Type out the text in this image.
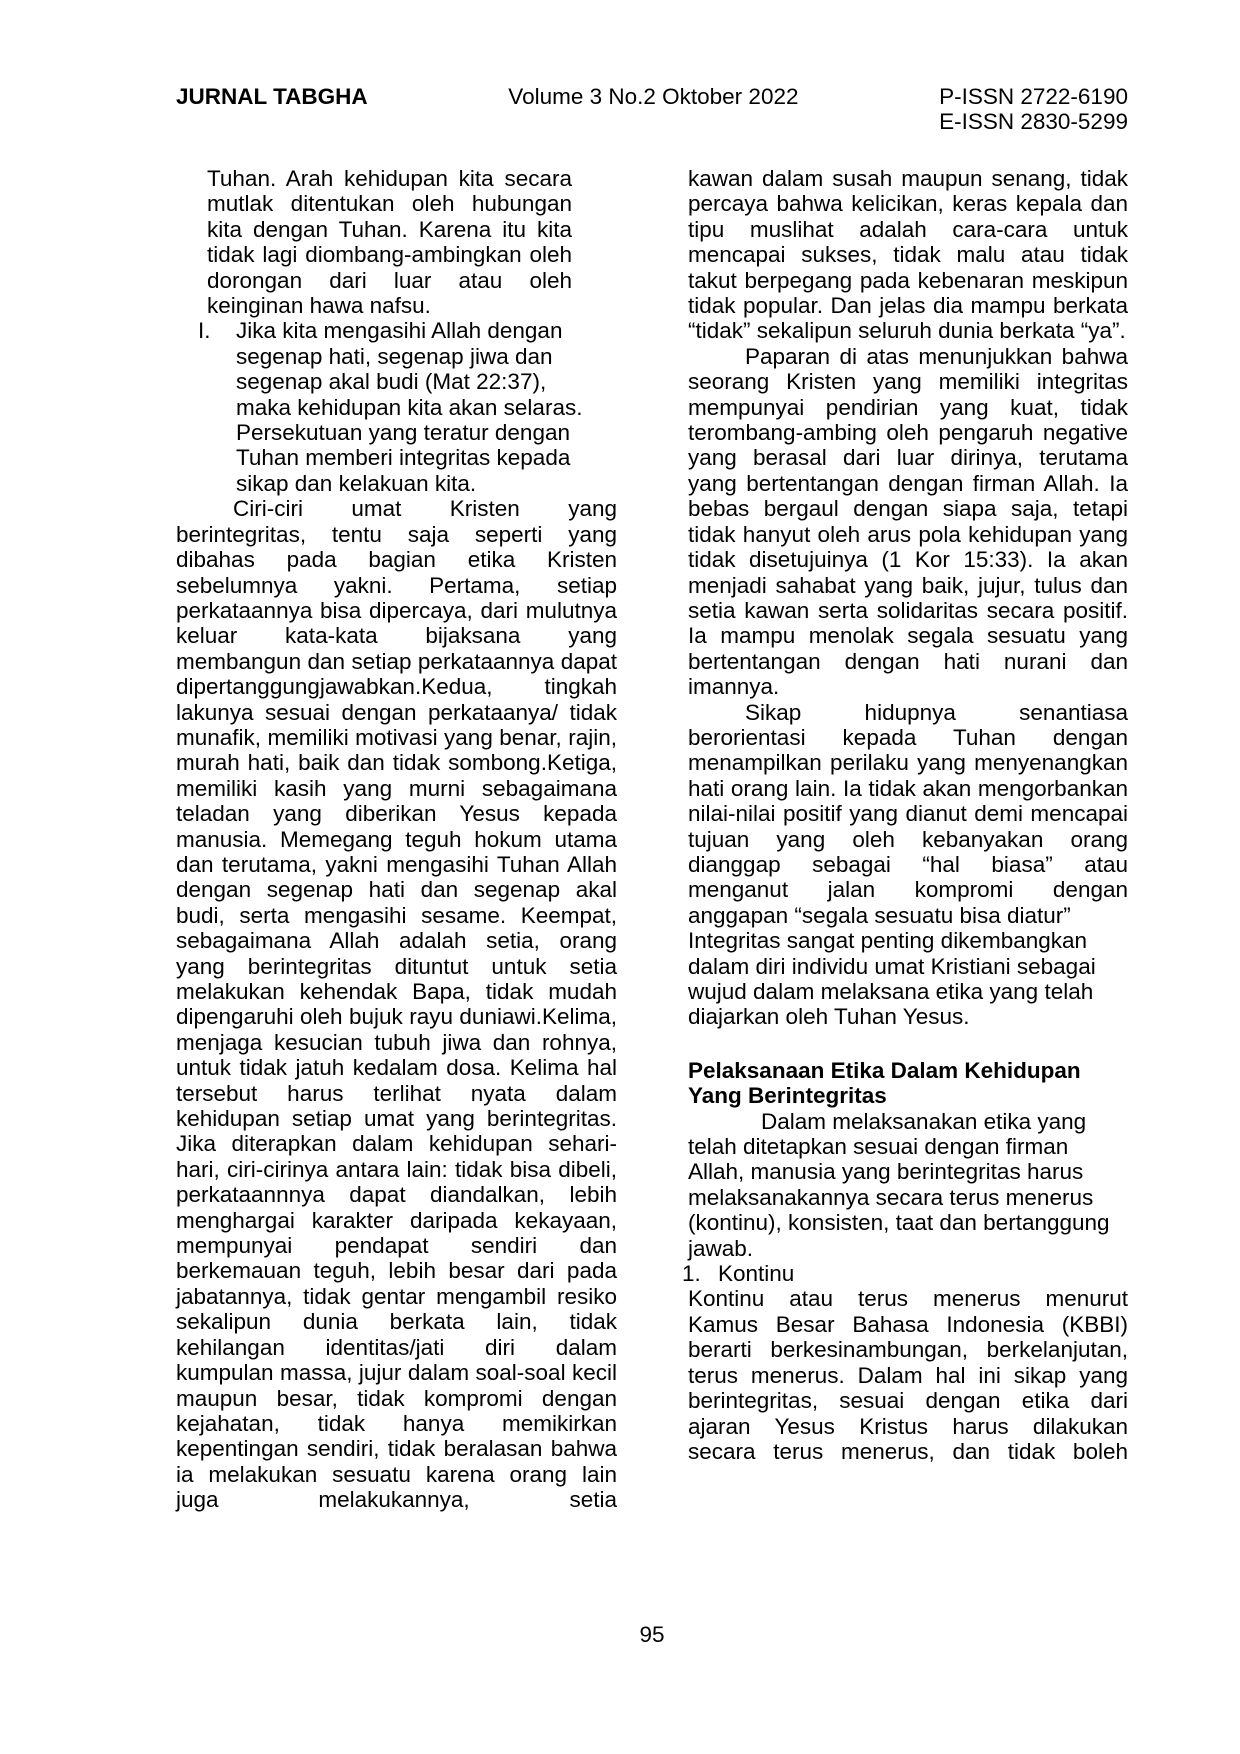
JURNAL TABGHA	Volume 3 No.2 Oktober 2022	P-ISSN 2722-6190
E-ISSN 2830-5299

Tuhan. Arah kehidupan kita secara mutlak ditentukan oleh hubungan kita dengan Tuhan. Karena itu kita tidak lagi diombang-ambingkan oleh dorongan dari luar atau oleh keinginan hawa nafsu.

I.	Jika kita mengasihi Allah dengan segenap hati, segenap jiwa dan segenap akal budi (Mat 22:37), maka kehidupan kita akan selaras. Persekutuan yang teratur dengan Tuhan memberi integritas kepada sikap dan kelakuan kita.

Ciri-ciri umat Kristen yang berintegritas, tentu saja seperti yang dibahas pada bagian etika Kristen sebelumnya yakni. Pertama, setiap perkataannya bisa dipercaya, dari mulutnya keluar kata-kata bijaksana yang membangun dan setiap perkataannya dapat dipertanggungjawabkan.Kedua, tingkah lakunya sesuai dengan perkataanya/ tidak munafik, memiliki motivasi yang benar, rajin, murah hati, baik dan tidak sombong.Ketiga, memiliki kasih yang murni sebagaimana teladan yang diberikan Yesus kepada manusia. Memegang teguh hokum utama dan terutama, yakni mengasihi Tuhan Allah dengan segenap hati dan segenap akal budi, serta mengasihi sesame. Keempat, sebagaimana Allah adalah setia, orang yang berintegritas dituntut untuk setia melakukan kehendak Bapa, tidak mudah dipengaruhi oleh bujuk rayu duniawi.Kelima, menjaga kesucian tubuh jiwa dan rohnya, untuk tidak jatuh kedalam dosa. Kelima hal tersebut harus terlihat nyata dalam kehidupan setiap umat yang berintegritas. Jika diterapkan dalam kehidupan sehari-hari, ciri-cirinya antara lain: tidak bisa dibeli, perkataannnya dapat diandalkan, lebih menghargai karakter daripada kekayaan, mempunyai pendapat sendiri dan berkemauan teguh, lebih besar dari pada jabatannya, tidak gentar mengambil resiko sekalipun dunia berkata lain, tidak kehilangan identitas/jati diri dalam kumpulan massa, jujur dalam soal-soal kecil maupun besar, tidak kompromi dengan kejahatan, tidak hanya memikirkan kepentingan sendiri, tidak beralasan bahwa ia melakukan sesuatu karena orang lain juga melakukannya, setia

kawan dalam susah maupun senang, tidak percaya bahwa kelicikan, keras kepala dan tipu muslihat adalah cara-cara untuk mencapai sukses, tidak malu atau tidak takut berpegang pada kebenaran meskipun tidak popular. Dan jelas dia mampu berkata “tidak” sekalipun seluruh dunia berkata “ya”.

Paparan di atas menunjukkan bahwa seorang Kristen yang memiliki integritas mempunyai pendirian yang kuat, tidak terombang-ambing oleh pengaruh negative yang berasal dari luar dirinya, terutama yang bertentangan dengan firman Allah. Ia bebas bergaul dengan siapa saja, tetapi tidak hanyut oleh arus pola kehidupan yang tidak disetujuinya (1 Kor 15:33). Ia akan menjadi sahabat yang baik, jujur, tulus dan setia kawan serta solidaritas secara positif. Ia mampu menolak segala sesuatu yang bertentangan dengan hati nurani dan imannya.

Sikap hidupnya senantiasa berorientasi kepada Tuhan dengan menampilkan perilaku yang menyenangkan hati orang lain. Ia tidak akan mengorbankan nilai-nilai positif yang dianut demi mencapai tujuan yang oleh kebanyakan orang dianggap sebagai “hal biasa” atau menganut jalan kompromi dengan anggapan “segala sesuatu bisa diatur”

Integritas sangat penting dikembangkan dalam diri individu umat Kristiani sebagai wujud dalam melaksana etika yang telah diajarkan oleh Tuhan Yesus.

Pelaksanaan Etika Dalam Kehidupan Yang Berintegritas

Dalam melaksanakan etika yang telah ditetapkan sesuai dengan firman Allah, manusia yang berintegritas harus melaksanakannya secara terus menerus (kontinu), konsisten, taat dan bertanggung jawab.

1. Kontinu

Kontinu atau terus menerus menurut Kamus Besar Bahasa Indonesia (KBBI) berarti berkesinambungan, berkelanjutan, terus menerus. Dalam hal ini sikap yang berintegritas, sesuai dengan etika dari ajaran Yesus Kristus harus dilakukan secara terus menerus, dan tidak boleh

95
